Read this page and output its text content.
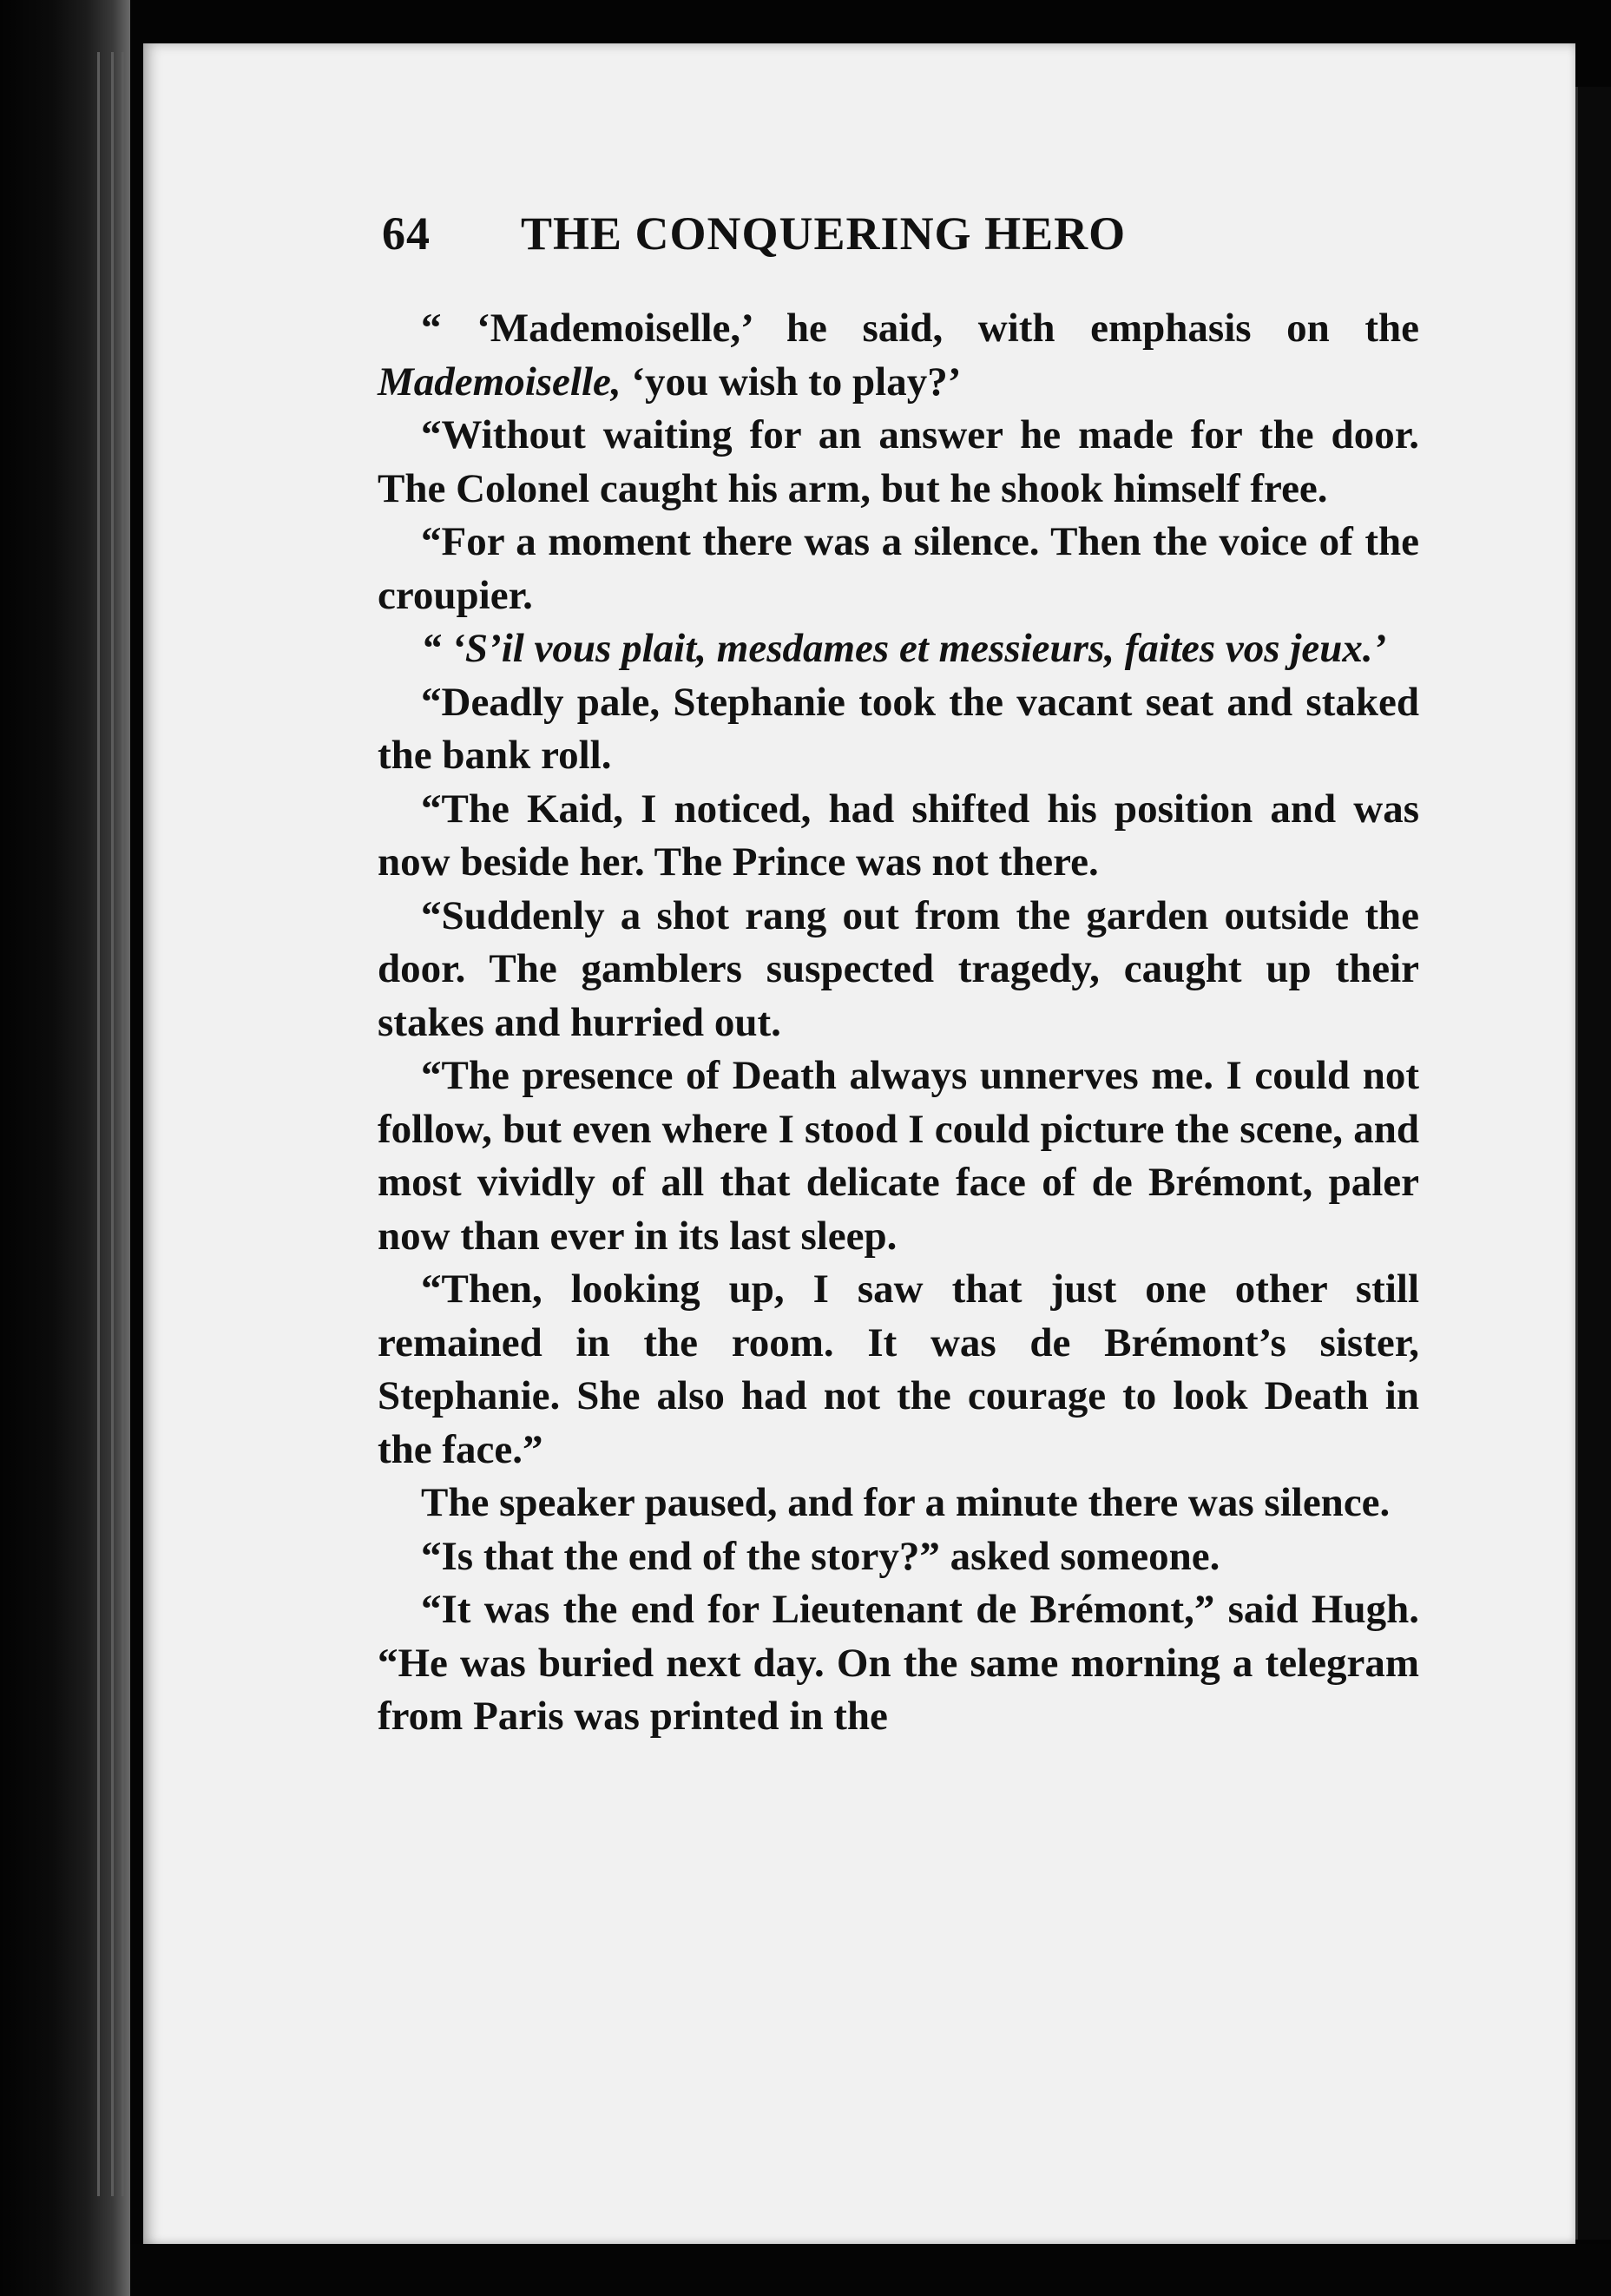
64 THE CONQUERING HERO

“ ‘Mademoiselle,’ he said, with emphasis on the Mademoiselle, ‘you wish to play?’

“Without waiting for an answer he made for the door. The Colonel caught his arm, but he shook himself free.

“For a moment there was a silence. Then the voice of the croupier.

“ ‘S’il vous plait, mesdames et messieurs, faites vos jeux.’

“Deadly pale, Stephanie took the vacant seat and staked the bank roll.

“The Kaid, I noticed, had shifted his position and was now beside her. The Prince was not there.

“Suddenly a shot rang out from the garden outside the door. The gamblers suspected tragedy, caught up their stakes and hurried out.

“The presence of Death always unnerves me. I could not follow, but even where I stood I could picture the scene, and most vividly of all that delicate face of de Brémont, paler now than ever in its last sleep.

“Then, looking up, I saw that just one other still remained in the room. It was de Brémont’s sister, Stephanie. She also had not the courage to look Death in the face.”

The speaker paused, and for a minute there was silence.

“Is that the end of the story?” asked someone.

“It was the end for Lieutenant de Brémont,” said Hugh. “He was buried next day. On the same morning a telegram from Paris was printed in the
